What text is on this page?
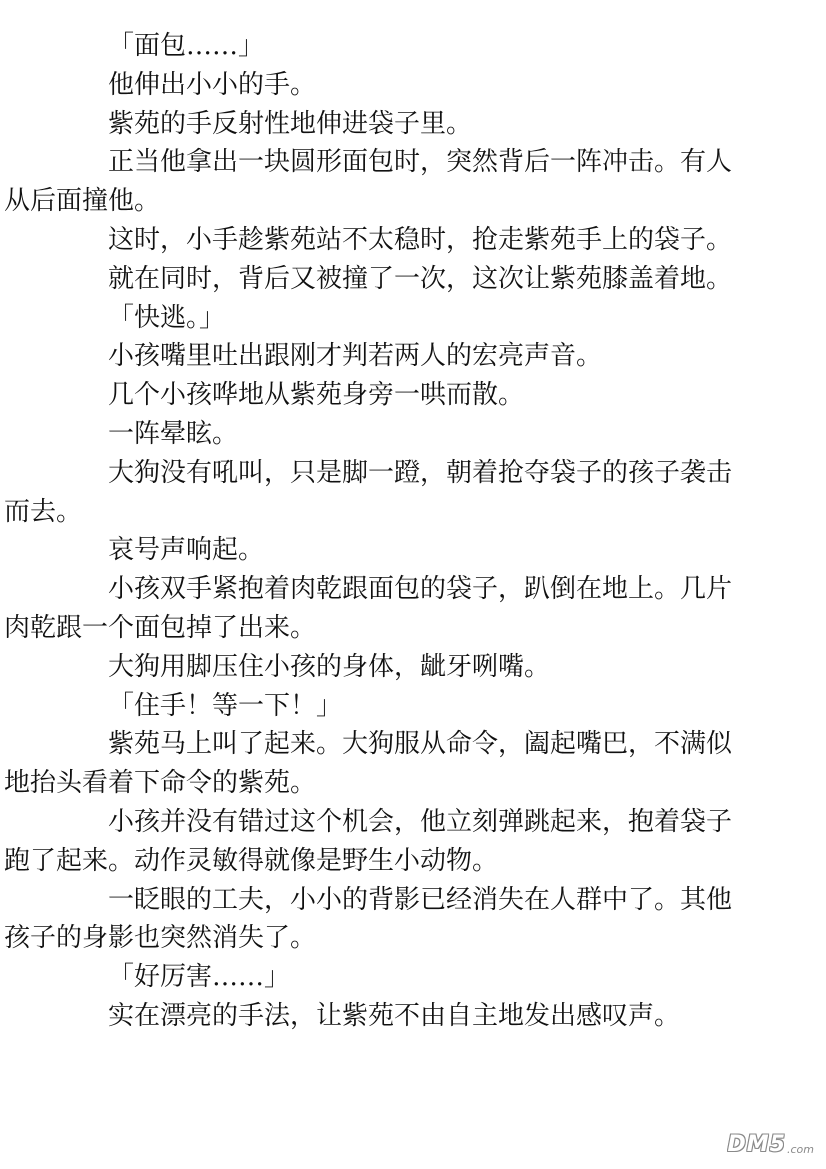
「面包……」

他伸出小小的手。

紫苑的手反射性地伸进袋子里。

正当他拿出一块圆形面包时，突然背后一阵冲击。有人
从后面撞他。

这时，小手趁紫苑站不太稳时，抢走紫苑手上的袋子。

就在同时，背后又被撞了一次，这次让紫苑膝盖着地。

「快逃。」

小孩嘴里吐出跟刚才判若两人的宏亮声音。

几个小孩哗地从紫苑身旁一哄而散。

一阵晕眩。

大狗没有吼叫，只是脚一蹬，朝着抢夺袋子的孩子袭击
而去。

哀号声响起。

小孩双手紧抱着肉乾跟面包的袋子，趴倒在地上。几片
肉乾跟一个面包掉了出来。

大狗用脚压住小孩的身体，龇牙咧嘴。

「住手！等一下！」

紫苑马上叫了起来。大狗服从命令，阖起嘴巴，不满似
地抬头看着下命令的紫苑。

小孩并没有错过这个机会，他立刻弹跳起来，抱着袋子
跑了起来。动作灵敏得就像是野生小动物。

一眨眼的工夫，小小的背影已经消失在人群中了。其他
孩子的身影也突然消失了。

「好厉害……」

实在漂亮的手法，让紫苑不由自主地发出感叹声。

DM5 .com
